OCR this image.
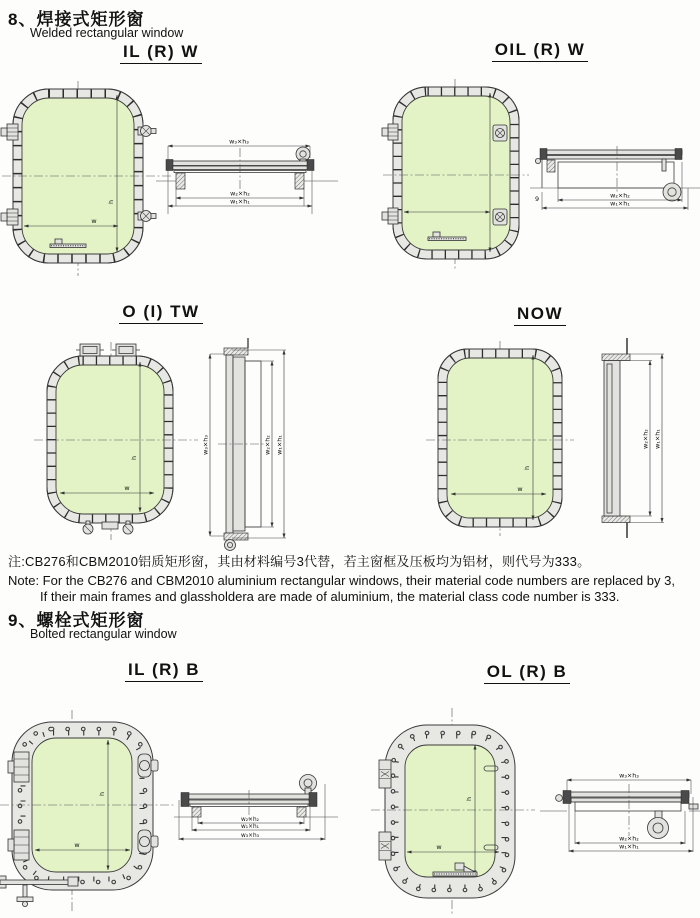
8、焊接式矩形窗
Welded rectangular window
IL (R) W	OIL (R) W
O (I) TW	NOW
h
w
w₃×h₃
w₂×h₂
w₁×h₁	9	w₂×h₂
w₁×h₁
h
w
w₃×h₃	w₂×h₂ w₁×h₁
h
w
w₂×h₂ w₁×h₁
注:CB276和CBM2010铝质矩形窗，其由材料编号3代替，若主窗框及压板均为铝材，则代号为333。
Note: For the CB276 and CBM2010 aluminium rectangular windows, their material code numbers are replaced by 3,
If their main frames and glassholdera are made of aluminium, the material class code number is 333.
9、螺栓式矩形窗
Bolted rectangular window
IL (R) B	OL (R) B
h
w
w₂×h₂
w₁×h₁
w₃×h₃
h
w
w₃×h₃
w₂×h₂
w₁×h₁
